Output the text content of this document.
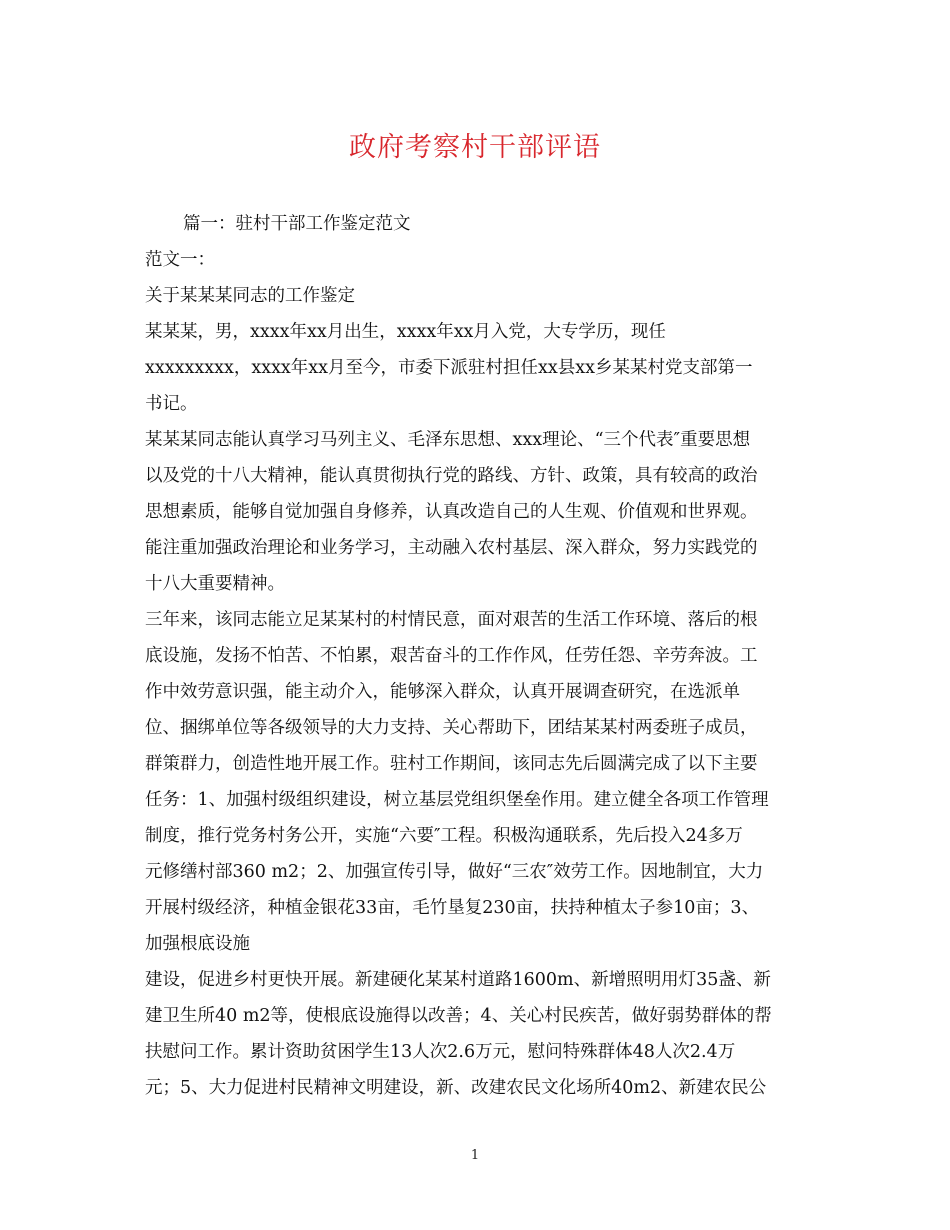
政府考察村干部评语
篇一：驻村干部工作鉴定范文
范文一：
关于某某某同志的工作鉴定
某某某，男，xxxx年xx月出生，xxxx年xx月入党，大专学历，现任
xxxxxxxxx，xxxx年xx月至今，市委下派驻村担任xx县xx乡某某村党支部第一
书记。
某某某同志能认真学习马列主义、毛泽东思想、xxx理论、“三个代表″重要思想
以及党的十八大精神，能认真贯彻执行党的路线、方针、政策，具有较高的政治
思想素质，能够自觉加强自身修养，认真改造自己的人生观、价值观和世界观。
能注重加强政治理论和业务学习，主动融入农村基层、深入群众，努力实践党的
十八大重要精神。
三年来，该同志能立足某某村的村情民意，面对艰苦的生活工作环境、落后的根
底设施，发扬不怕苦、不怕累，艰苦奋斗的工作作风，任劳任怨、辛劳奔波。工
作中效劳意识强，能主动介入，能够深入群众，认真开展调查研究，在选派单
位、捆绑单位等各级领导的大力支持、关心帮助下，团结某某村两委班子成员，
群策群力，创造性地开展工作。驻村工作期间，该同志先后圆满完成了以下主要
任务：1、加强村级组织建设，树立基层党组织堡垒作用。建立健全各项工作管理
制度，推行党务村务公开，实施“六要″工程。积极沟通联系，先后投入24多万
元修缮村部360 m2；2、加强宣传引导，做好“三农″效劳工作。因地制宜，大力
开展村级经济，种植金银花33亩，毛竹垦复230亩，扶持种植太子参10亩；3、
加强根底设施
建设，促进乡村更快开展。新建硬化某某村道路1600m、新增照明用灯35盏、新
建卫生所40 m2等，使根底设施得以改善；4、关心村民疾苦，做好弱势群体的帮
扶慰问工作。累计资助贫困学生13人次2.6万元，慰问特殊群体48人次2.4万
元；5、大力促进村民精神文明建设，新、改建农民文化场所40m2、新建农民公
1
